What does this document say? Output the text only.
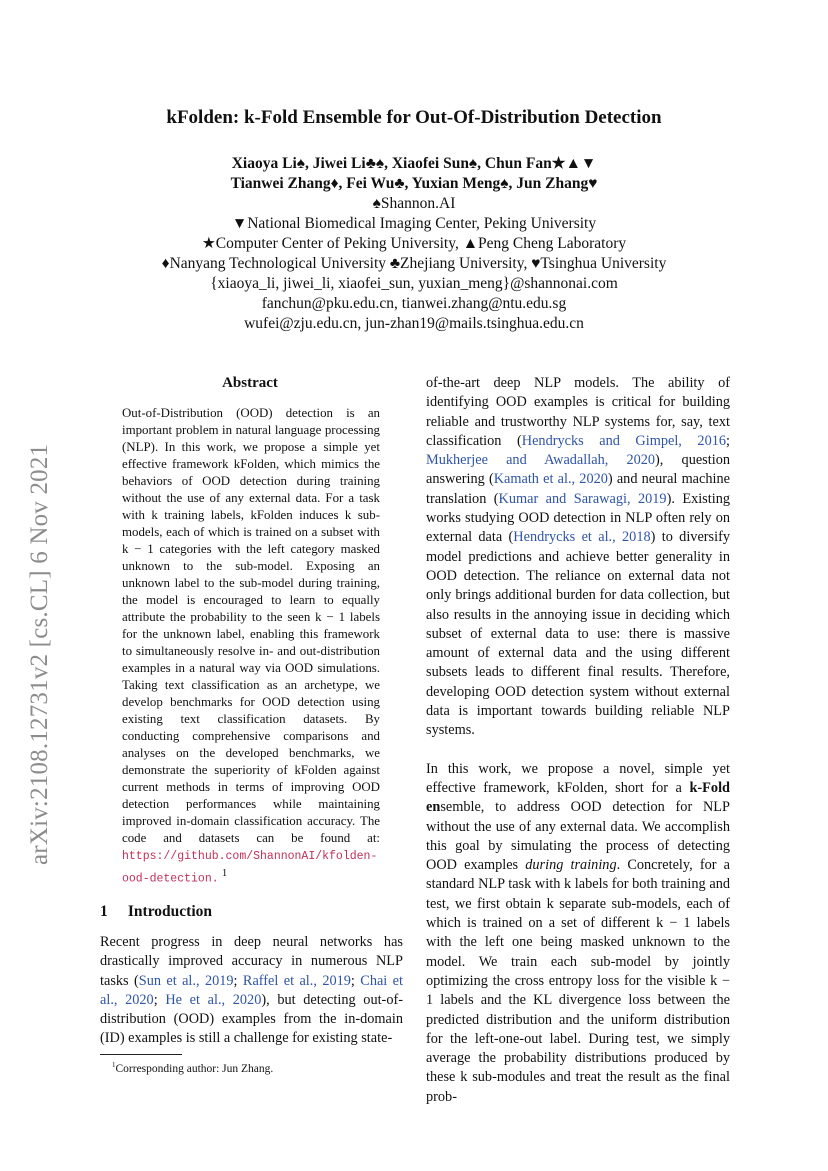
arXiv:2108.12731v2 [cs.CL] 6 Nov 2021
kFolden: k-Fold Ensemble for Out-Of-Distribution Detection
Xiaoya Li♠, Jiwei Li♣♠, Xiaofei Sun♠, Chun Fan★▲▼
Tianwei Zhang♦, Fei Wu♣, Yuxian Meng♠, Jun Zhang♥
♠Shannon.AI
▼National Biomedical Imaging Center, Peking University
★Computer Center of Peking University, ▲Peng Cheng Laboratory
♦Nanyang Technological University ♣Zhejiang University, ♥Tsinghua University
{xiaoya_li, jiwei_li, xiaofei_sun, yuxian_meng}@shannonai.com
fanchun@pku.edu.cn, tianwei.zhang@ntu.edu.sg
wufei@zju.edu.cn, jun-zhan19@mails.tsinghua.edu.cn
Abstract
Out-of-Distribution (OOD) detection is an important problem in natural language processing (NLP). In this work, we propose a simple yet effective framework kFolden, which mimics the behaviors of OOD detection during training without the use of any external data. For a task with k training labels, kFolden induces k sub-models, each of which is trained on a subset with k − 1 categories with the left category masked unknown to the sub-model. Exposing an unknown label to the sub-model during training, the model is encouraged to learn to equally attribute the probability to the seen k − 1 labels for the unknown label, enabling this framework to simultaneously resolve in- and out-distribution examples in a natural way via OOD simulations. Taking text classification as an archetype, we develop benchmarks for OOD detection using existing text classification datasets. By conducting comprehensive comparisons and analyses on the developed benchmarks, we demonstrate the superiority of kFolden against current methods in terms of improving OOD detection performances while maintaining improved in-domain classification accuracy. The code and datasets can be found at: https://github.com/ShannonAI/kfolden-ood-detection. $^1$
1 Introduction

Recent progress in deep neural networks has drastically improved accuracy in numerous NLP tasks (Sun et al., 2019; Raffel et al., 2019; Chai et al., 2020; He et al., 2020), but detecting out-of-distribution (OOD) examples from the in-domain (ID) examples is still a challenge for existing state-

$^1$Corresponding author: Jun Zhang.

of-the-art deep NLP models. The ability of identifying OOD examples is critical for building reliable and trustworthy NLP systems for, say, text classification (Hendrycks and Gimpel, 2016; Mukherjee and Awadallah, 2020), question answering (Kamath et al., 2020) and neural machine translation (Kumar and Sarawagi, 2019). Existing works studying OOD detection in NLP often rely on external data (Hendrycks et al., 2018) to diversify model predictions and achieve better generality in OOD detection. The reliance on external data not only brings additional burden for data collection, but also results in the annoying issue in deciding which subset of external data to use: there is massive amount of external data and the using different subsets leads to different final results. Therefore, developing OOD detection system without external data is important towards building reliable NLP systems.

In this work, we propose a novel, simple yet effective framework, kFolden, short for a k-Fold ensemble, to address OOD detection for NLP without the use of any external data. We accomplish this goal by simulating the process of detecting OOD examples during training. Concretely, for a standard NLP task with k labels for both training and test, we first obtain k separate sub-models, each of which is trained on a set of different k − 1 labels with the left one being masked unknown to the model. We train each sub-model by jointly optimizing the cross entropy loss for the visible k − 1 labels and the KL divergence loss between the predicted distribution and the uniform distribution for the left-one-out label. During test, we simply average the probability distributions produced by these k sub-modules and treat the result as the final prob-
